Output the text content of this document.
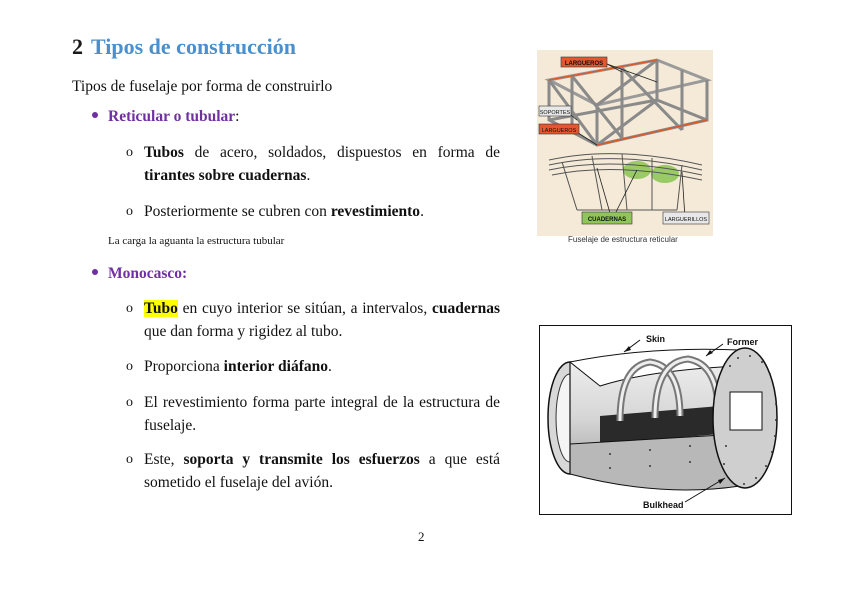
2 Tipos de construcción
Tipos de fuselaje por forma de construirlo
Reticular o tubular:
o Tubos de acero, soldados, dispuestos en forma de tirantes sobre cuadernas.
o Posteriormente se cubren con revestimiento.
La carga la aguanta la estructura tubular
Monocasco:
o Tubo en cuyo interior se sitúan, a intervalos, cuadernas que dan forma y rigidez al tubo.
o Proporciona interior diáfano.
o El revestimiento forma parte integral de la estructura de fuselaje.
o Este, soporta y transmite los esfuerzos a que está sometido el fuselaje del avión.
LARGUEROS
SOPORTES
LARGUEROS
CUADERNAS	LARGUERILLOS
Fuselaje de estructura reticular
Skin	Former
Bulkhead
2
